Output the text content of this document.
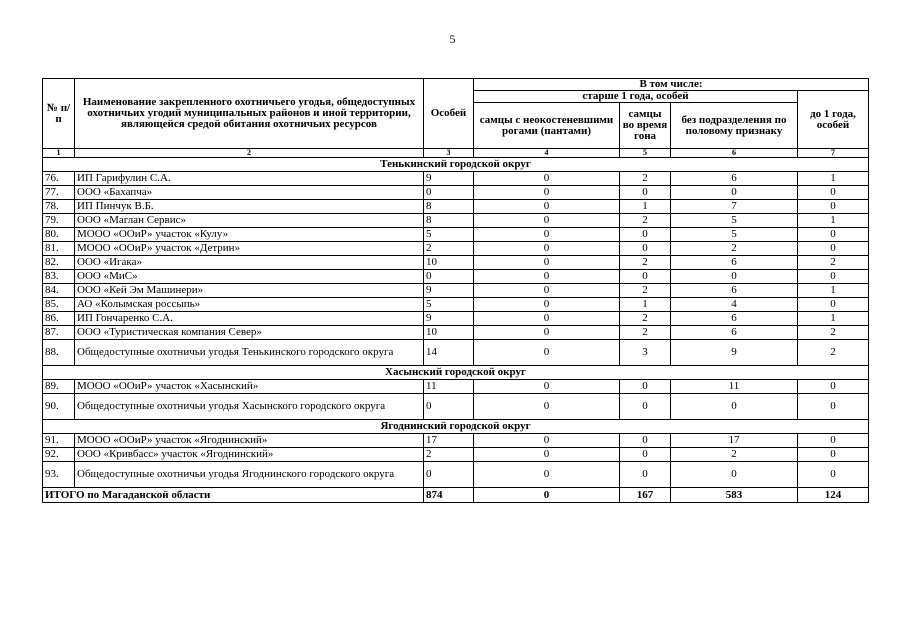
5
№ п/п	Наименование закрепленного охотничьего угодья, общедоступных охотничьих угодий муниципальных районов и иной территории, являющейся средой обитания охотничьих ресурсов	Особей	В том числе:			
			старше 1 года, особей			до 1 года, особей
			самцы с неокостеневшими рогами (пантами)	самцы во время гона	без подразделения по половому признаку	
1	2	3	4	5	6	7
Тенькинский городской округ						
76.	ИП Гарифулин С.А.	9	0	2	6	1
77.	ООО «Бахапча»	0	0	0	0	0
78.	ИП Пинчук В.Б.	8	0	1	7	0
79.	ООО «Маглан Сервис»	8	0	2	5	1
80.	МООО «ООиР» участок «Кулу»	5	0	0	5	0
81.	МООО «ООиР» участок «Детрин»	2	0	0	2	0
82.	ООО «Игака»	10	0	2	6	2
83.	ООО «МиС»	0	0	0	0	0
84.	ООО «Кей Эм Машинери»	9	0	2	6	1
85.	АО «Колымская россыпь»	5	0	1	4	0
86.	ИП Гончаренко С.А.	9	0	2	6	1
87.	ООО «Туристическая компания Север»	10	0	2	6	2
88.	Общедоступные охотничьи угодья Тенькинского городского округа	14	0	3	9	2
Хасынский городской округ						
89.	МООО «ООиР» участок «Хасынский»	11	0	0	11	0
90.	Общедоступные охотничьи угодья Хасынского городского округа	0	0	0	0	0
Ягоднинский городской округ						
91.	МООО «ООиР» участок «Ягоднинский»	17	0	0	17	0
92.	ООО «Кривбасс» участок «Ягоднинский»	2	0	0	2	0
93.	Общедоступные охотничьи угодья Ягоднинского городского округа	0	0	0	0	0
ИТОГО по Магаданской области		874	0	167	583	124
